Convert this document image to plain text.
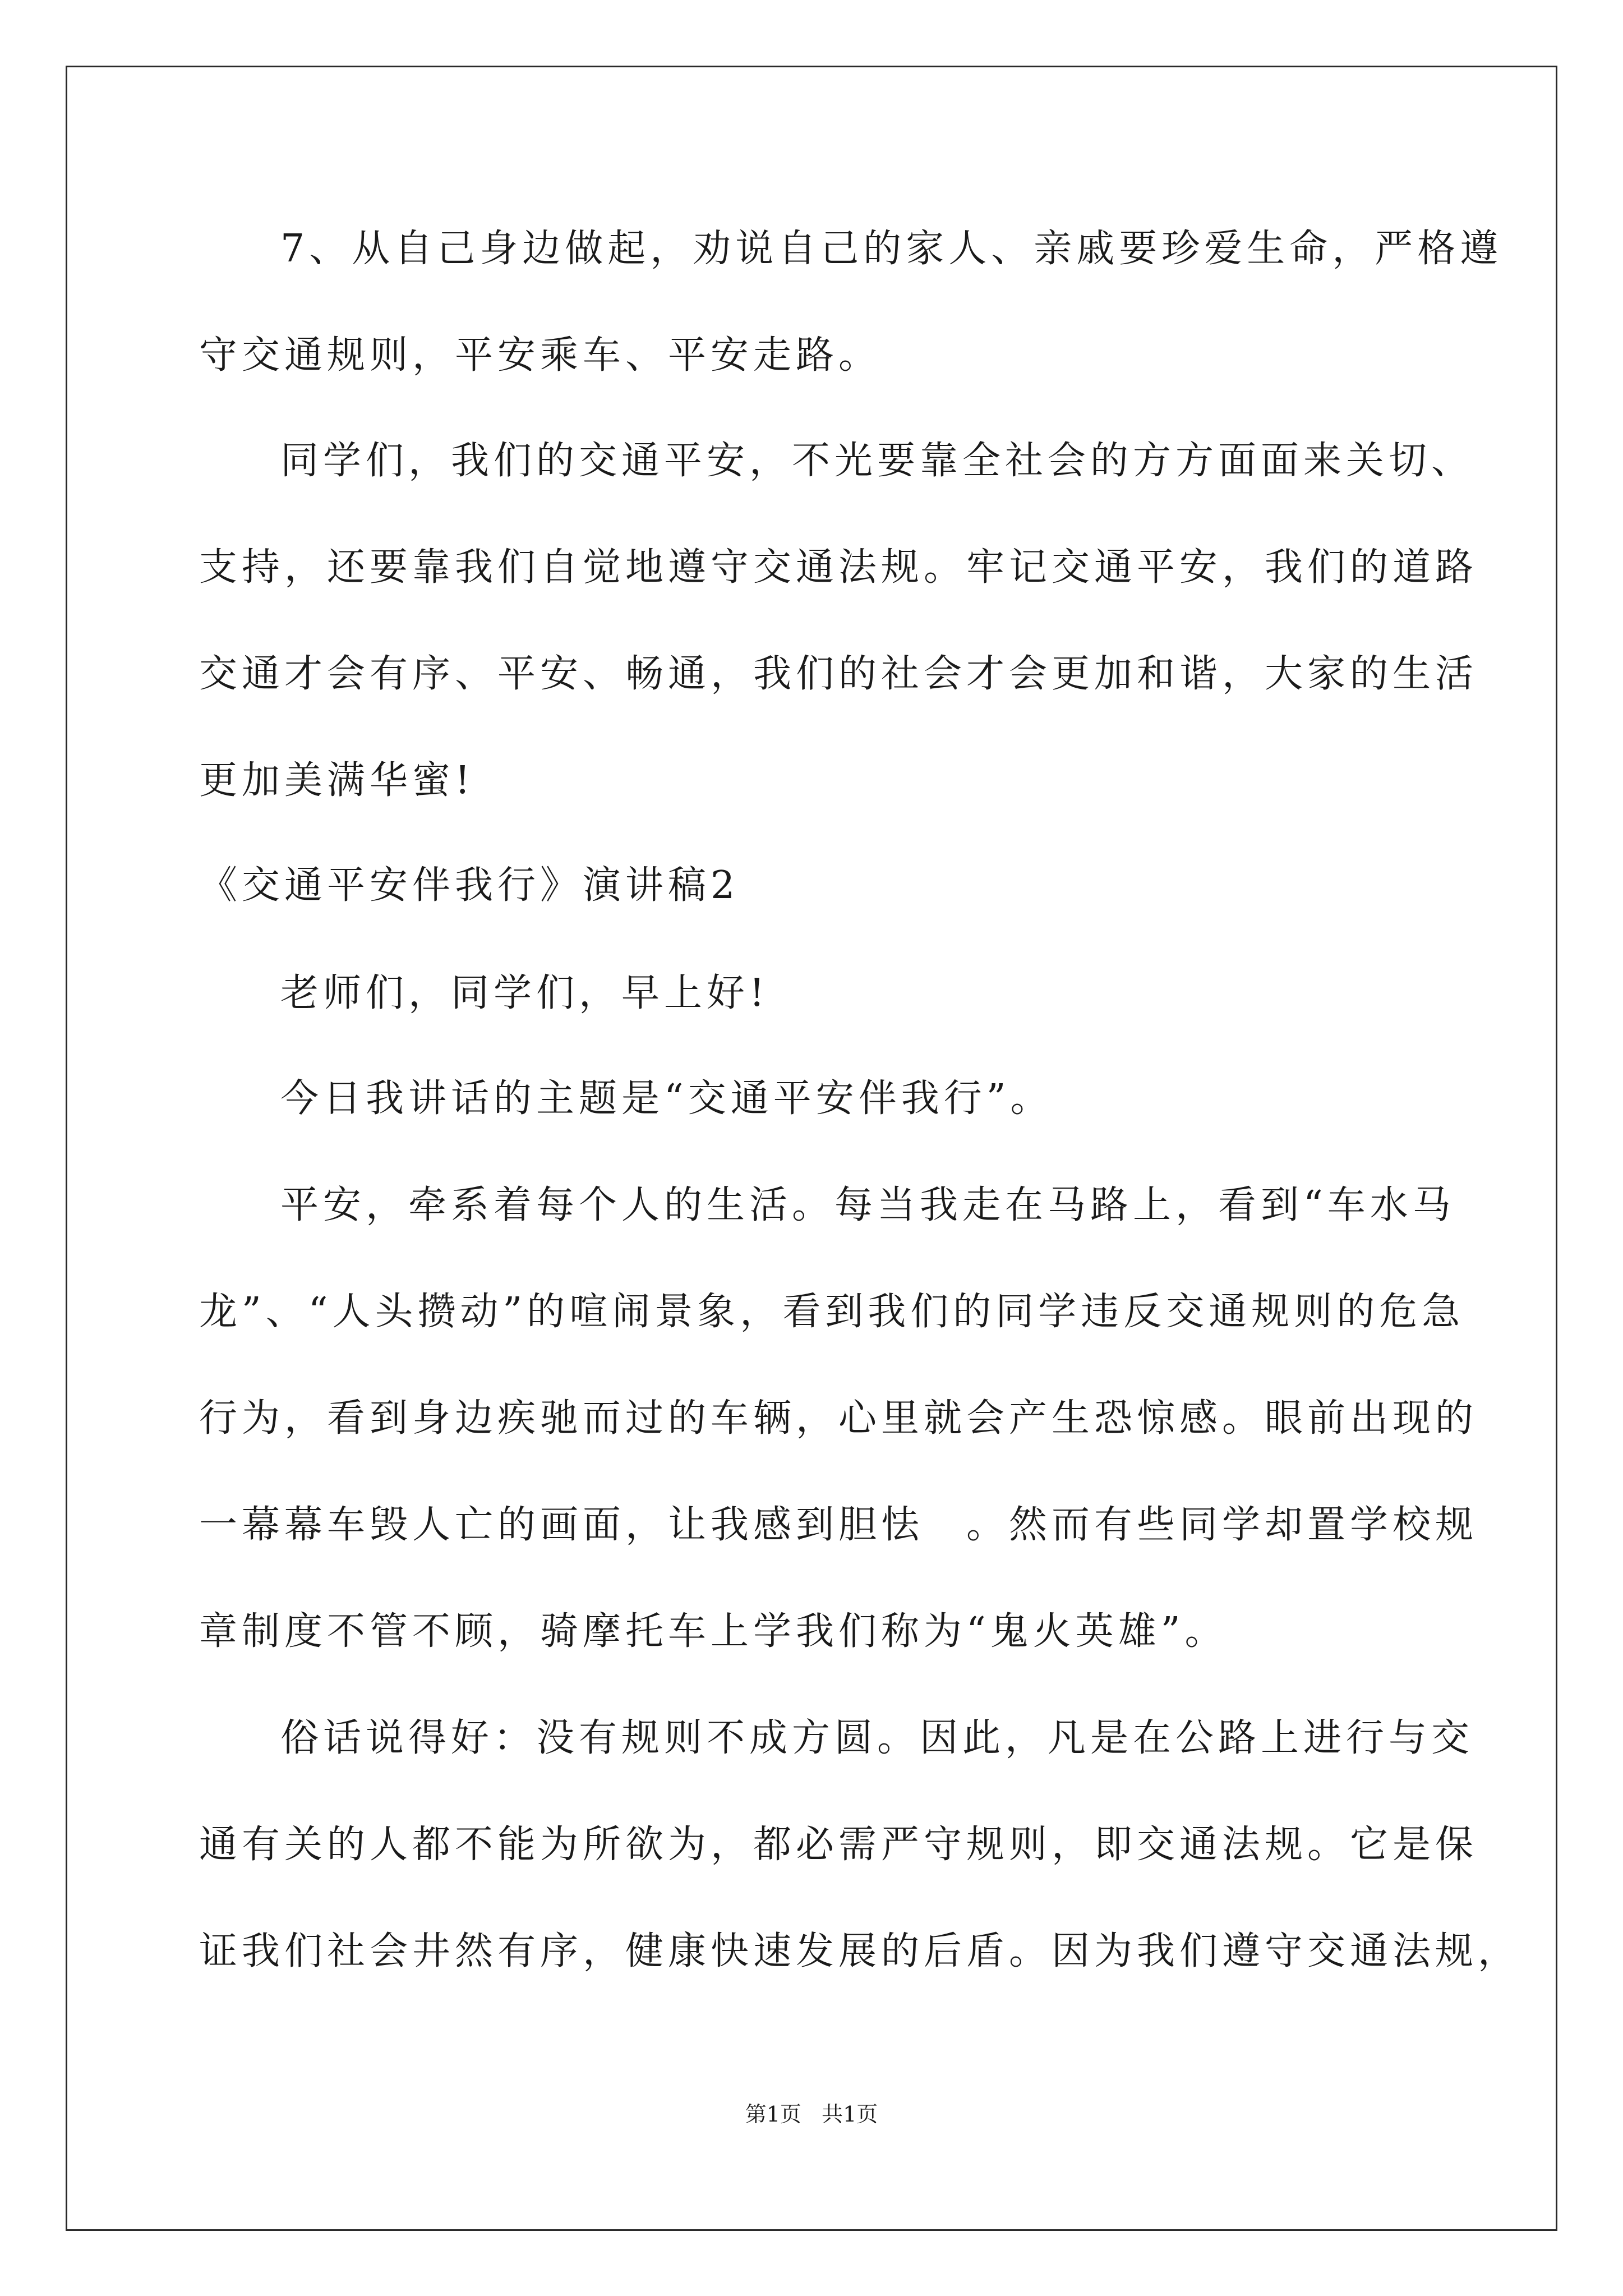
7、从自己身边做起，劝说自己的家人、亲戚要珍爱生命，严格遵
守交通规则，平安乘车、平安走路。
同学们，我们的交通平安，不光要靠全社会的方方面面来关切、
支持，还要靠我们自觉地遵守交通法规。牢记交通平安，我们的道路
交通才会有序、平安、畅通，我们的社会才会更加和谐，大家的生活
更加美满华蜜!
《交通平安伴我行》演讲稿2
老师们，同学们，早上好!
今日我讲话的主题是“交通平安伴我行”。
平安，牵系着每个人的生活。每当我走在马路上，看到“车水马
龙”、“人头攒动”的喧闹景象，看到我们的同学违反交通规则的危急
行为，看到身边疾驰而过的车辆，心里就会产生恐惊感。眼前出现的
一幕幕车毁人亡的画面，让我感到胆怯　。然而有些同学却置学校规
章制度不管不顾，骑摩托车上学我们称为“鬼火英雄”。
俗话说得好：没有规则不成方圆。因此，凡是在公路上进行与交
通有关的人都不能为所欲为，都必需严守规则，即交通法规。它是保
证我们社会井然有序，健康快速发展的后盾。因为我们遵守交通法规，
第1页   共1页
